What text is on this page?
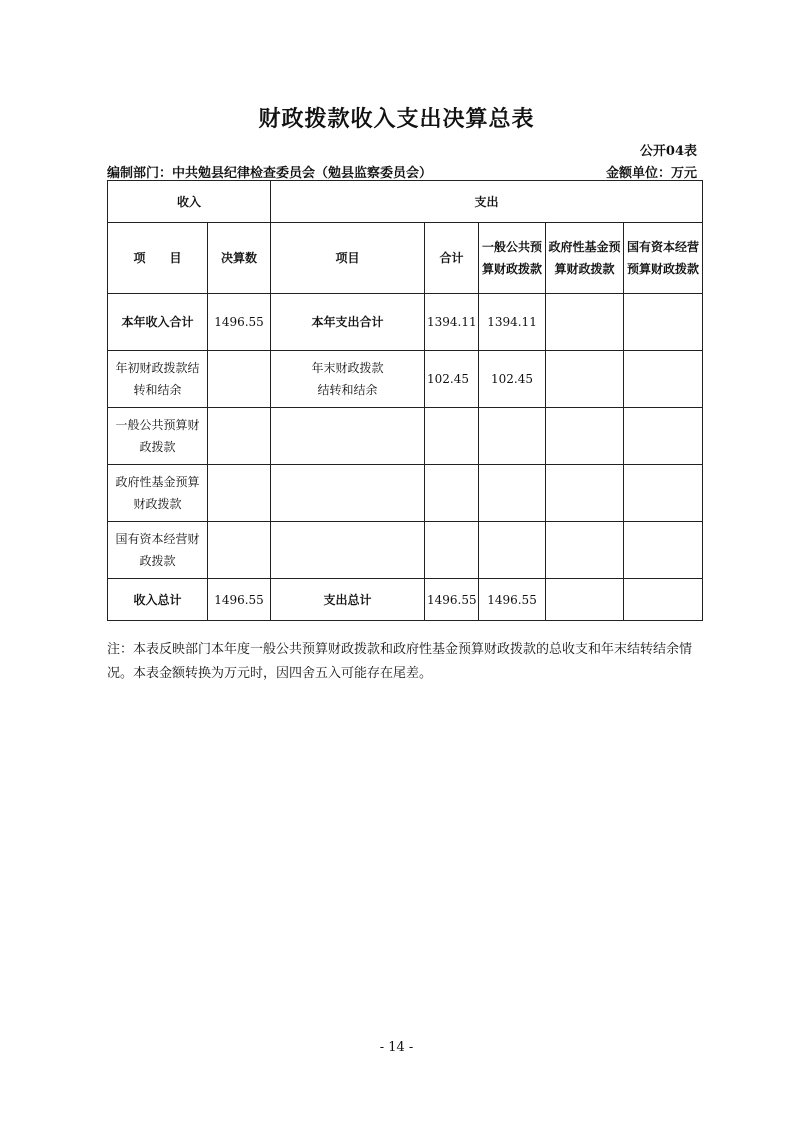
财政拨款收入支出决算总表
公开04表
编制部门：中共勉县纪律检查委员会（勉县监察委员会）	金额单位：万元
收入		支出				
项　　目	决算数	项目	合计	一般公共预算财政拨款	政府性基金预算财政拨款	国有资本经营预算财政拨款
本年收入合计	1496.55	本年支出合计	1394.11	1394.11		
年初财政拨款结转和结余		年末财政拨款结转和结余	102.45	102.45		
一般公共预算财政拨款						
政府性基金预算财政拨款						
国有资本经营财政拨款						
收入总计	1496.55	支出总计	1496.55	1496.55		
注：本表反映部门本年度一般公共预算财政拨款和政府性基金预算财政拨款的总收支和年末结转结余情况。本表金额转换为万元时，因四舍五入可能存在尾差。
- 14 -
